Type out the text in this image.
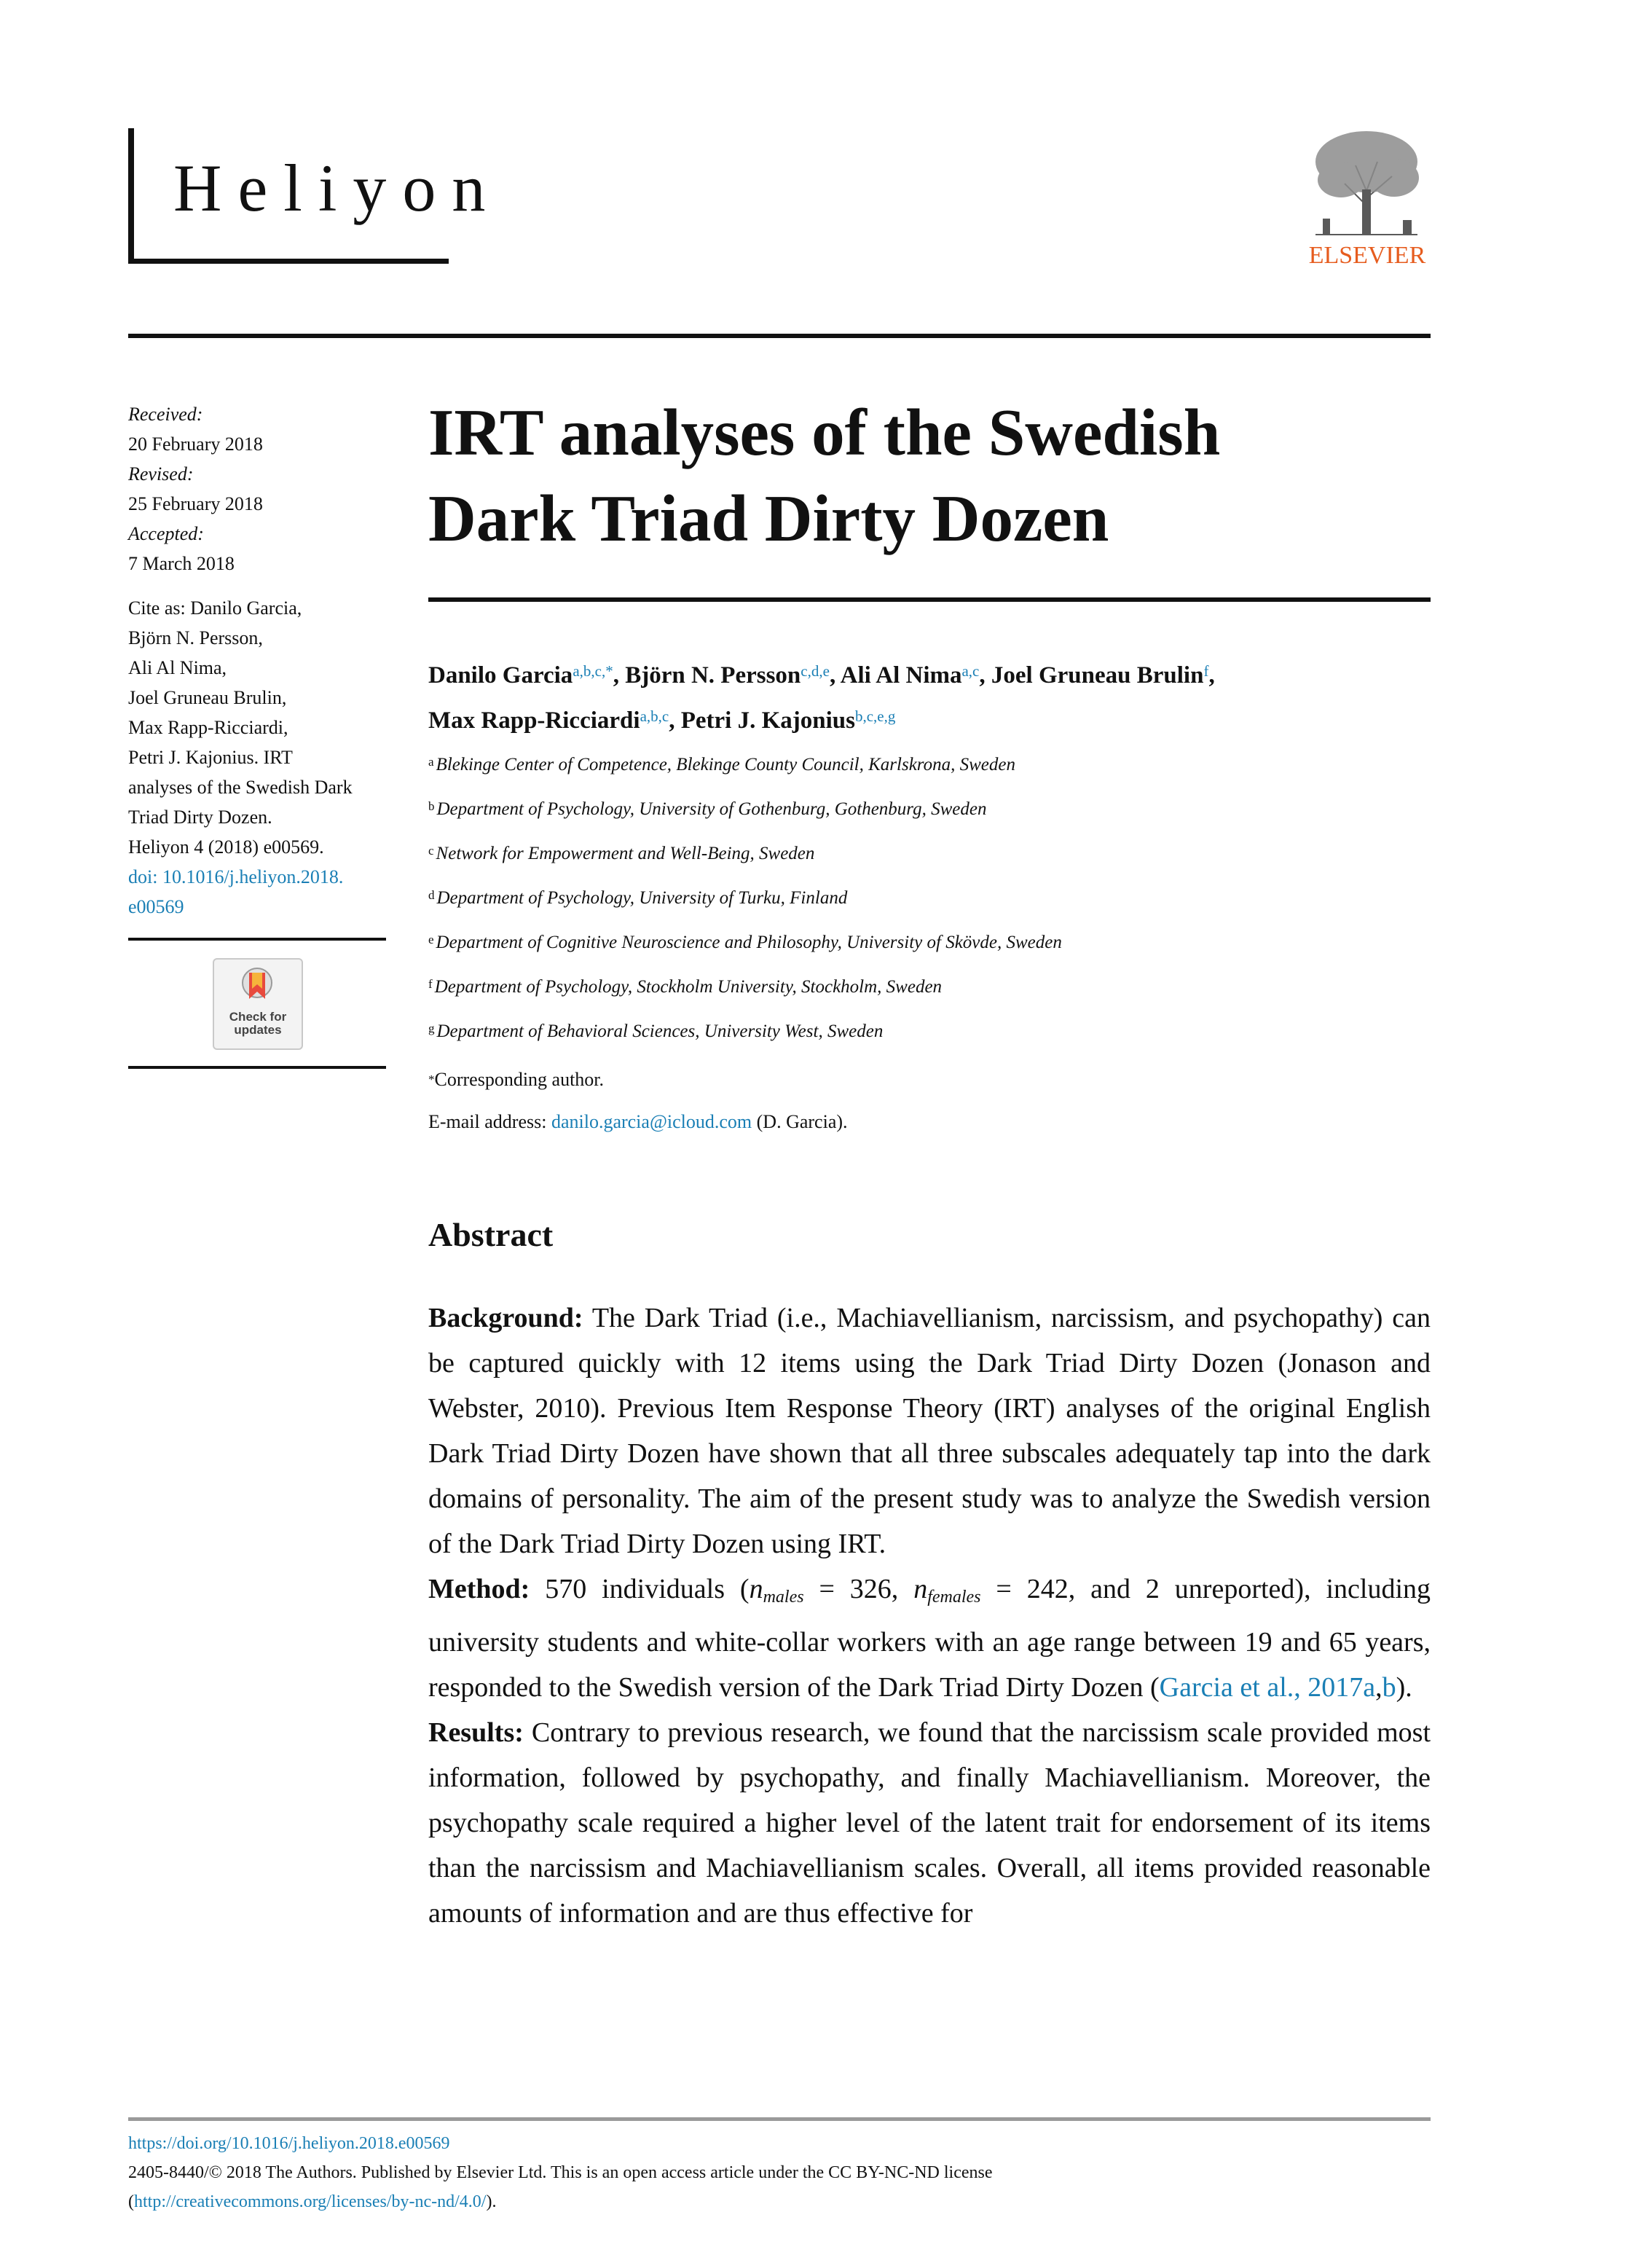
Heliyon
ELSEVIER
Received:
20 February 2018
Revised:
25 February 2018
Accepted:
7 March 2018
Cite as: Danilo Garcia,
Björn N. Persson,
Ali Al Nima,
Joel Gruneau Brulin,
Max Rapp-Ricciardi,
Petri J. Kajonius. IRT
analyses of the Swedish Dark
Triad Dirty Dozen.
Heliyon 4 (2018) e00569.
doi: 10.1016/j.heliyon.2018.
e00569
Check for updates
IRT analyses of the Swedish
Dark Triad Dirty Dozen
Danilo Garcia$^{a,b,c,*}$, Björn N. Persson$^{c,d,e}$, Ali Al Nima$^{a,c}$, Joel Gruneau Brulin$^f$,
Max Rapp-Ricciardi$^{a,b,c}$, Petri J. Kajonius$^{b,c,e,g}$
$^a$ Blekinge Center of Competence, Blekinge County Council, Karlskrona, Sweden
$^b$ Department of Psychology, University of Gothenburg, Gothenburg, Sweden
$^c$ Network for Empowerment and Well-Being, Sweden
$^d$ Department of Psychology, University of Turku, Finland
$^e$ Department of Cognitive Neuroscience and Philosophy, University of Skövde, Sweden
$^f$ Department of Psychology, Stockholm University, Stockholm, Sweden
$^g$ Department of Behavioral Sciences, University West, Sweden
*Corresponding author.
E-mail address: danilo.garcia@icloud.com (D. Garcia).
Abstract

Background: The Dark Triad (i.e., Machiavellianism, narcissism, and psychopathy) can be captured quickly with 12 items using the Dark Triad Dirty Dozen (Jonason and Webster, 2010). Previous Item Response Theory (IRT) analyses of the original English Dark Triad Dirty Dozen have shown that all three subscales adequately tap into the dark domains of personality. The aim of the present study was to analyze the Swedish version of the Dark Triad Dirty Dozen using IRT.

Method: 570 individuals ($n_{males} = 326$, $n_{females} = 242$, and 2 unreported), including university students and white-collar workers with an age range between 19 and 65 years, responded to the Swedish version of the Dark Triad Dirty Dozen (Garcia et al., 2017a,b).

Results: Contrary to previous research, we found that the narcissism scale provided most information, followed by psychopathy, and finally Machiavellianism. Moreover, the psychopathy scale required a higher level of the latent trait for endorsement of its items than the narcissism and Machiavellianism scales. Overall, all items provided reasonable amounts of information and are thus effective for

https://doi.org/10.1016/j.heliyon.2018.e00569
2405-8440/© 2018 The Authors. Published by Elsevier Ltd. This is an open access article under the CC BY-NC-ND license
(http://creativecommons.org/licenses/by-nc-nd/4.0/).
